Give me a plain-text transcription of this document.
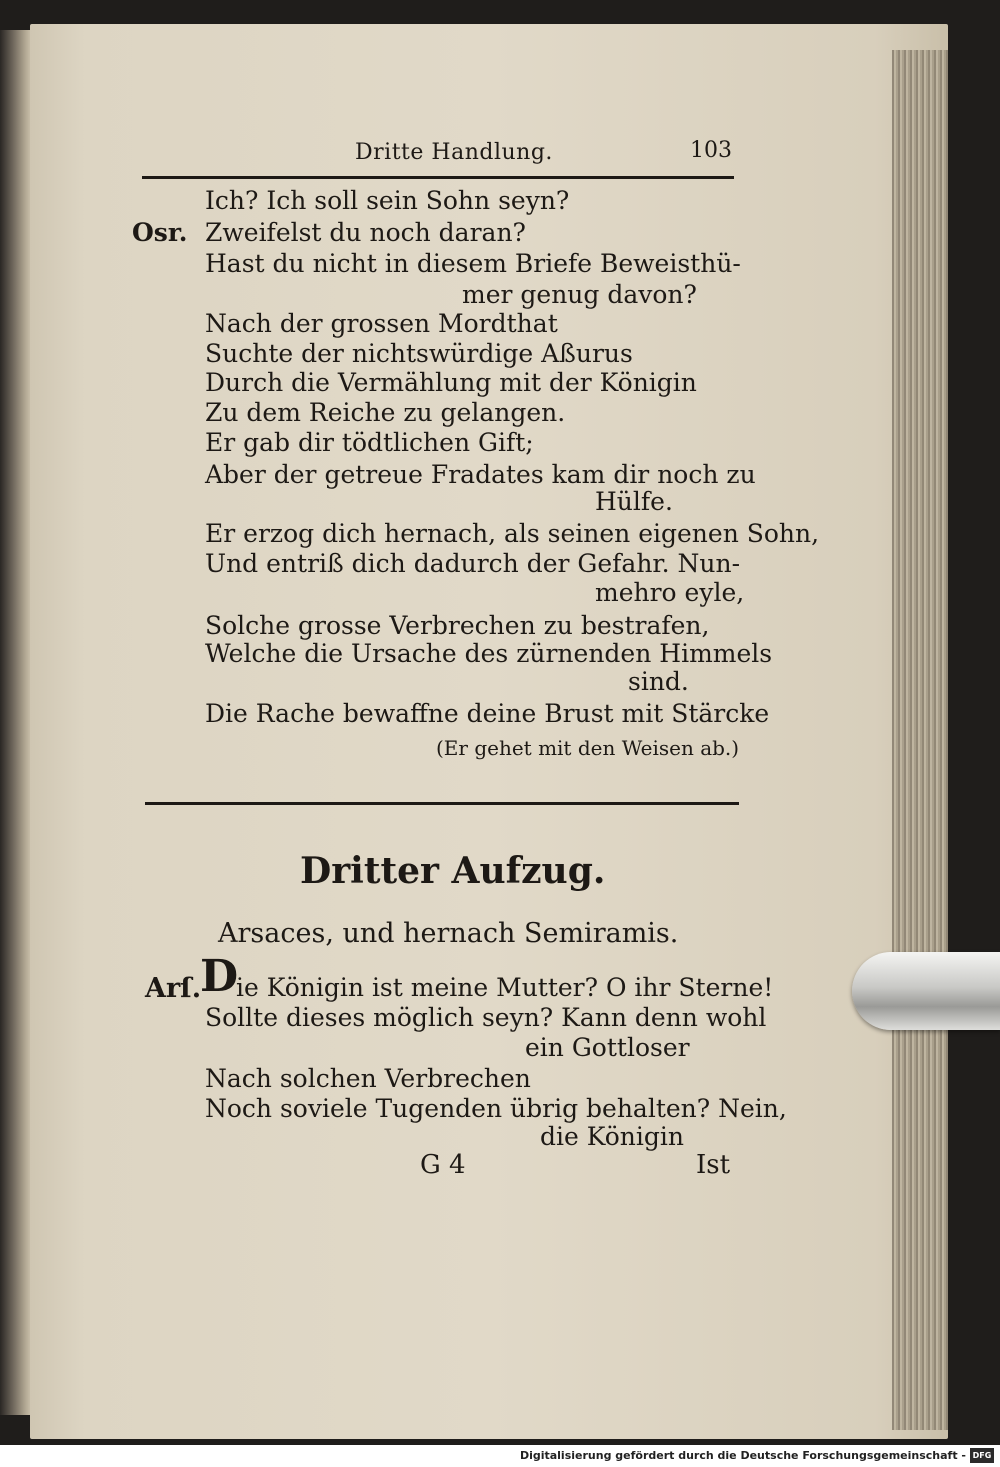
Dritte Handlung.	103
Ich? Ich soll sein Sohn seyn?
Osr. Zweifelst du noch daran?
Hast du nicht in diesem Briefe Beweisthü-
mer genug davon?
Nach der grossen Mordthat
Suchte der nichtswürdige Aßurus
Durch die Vermählung mit der Königin
Zu dem Reiche zu gelangen.
Er gab dir tödtlichen Gift;
Aber der getreue Fradates kam dir noch zu
Hülfe.
Er erzog dich hernach, als seinen eigenen Sohn,
Und entriß dich dadurch der Gefahr. Nun-
mehro eyle,
Solche grosse Verbrechen zu bestrafen,
Welche die Ursache des zürnenden Himmels
sind.
Die Rache bewaffne deine Brust mit Stärcke
(Er gehet mit den Weisen ab.)
Dritter Aufzug.
Arsaces, und hernach Semiramis.
Arſ.
D
ie Königin ist meine Mutter? O ihr Sterne!
Sollte dieses möglich seyn? Kann denn wohl
ein Gottloser
Nach solchen Verbrechen
Noch soviele Tugenden übrig behalten? Nein,
die Königin
G 4	Ist
Digitalisierung gefördert durch die Deutsche Forschungsgemeinschaft - DFG
